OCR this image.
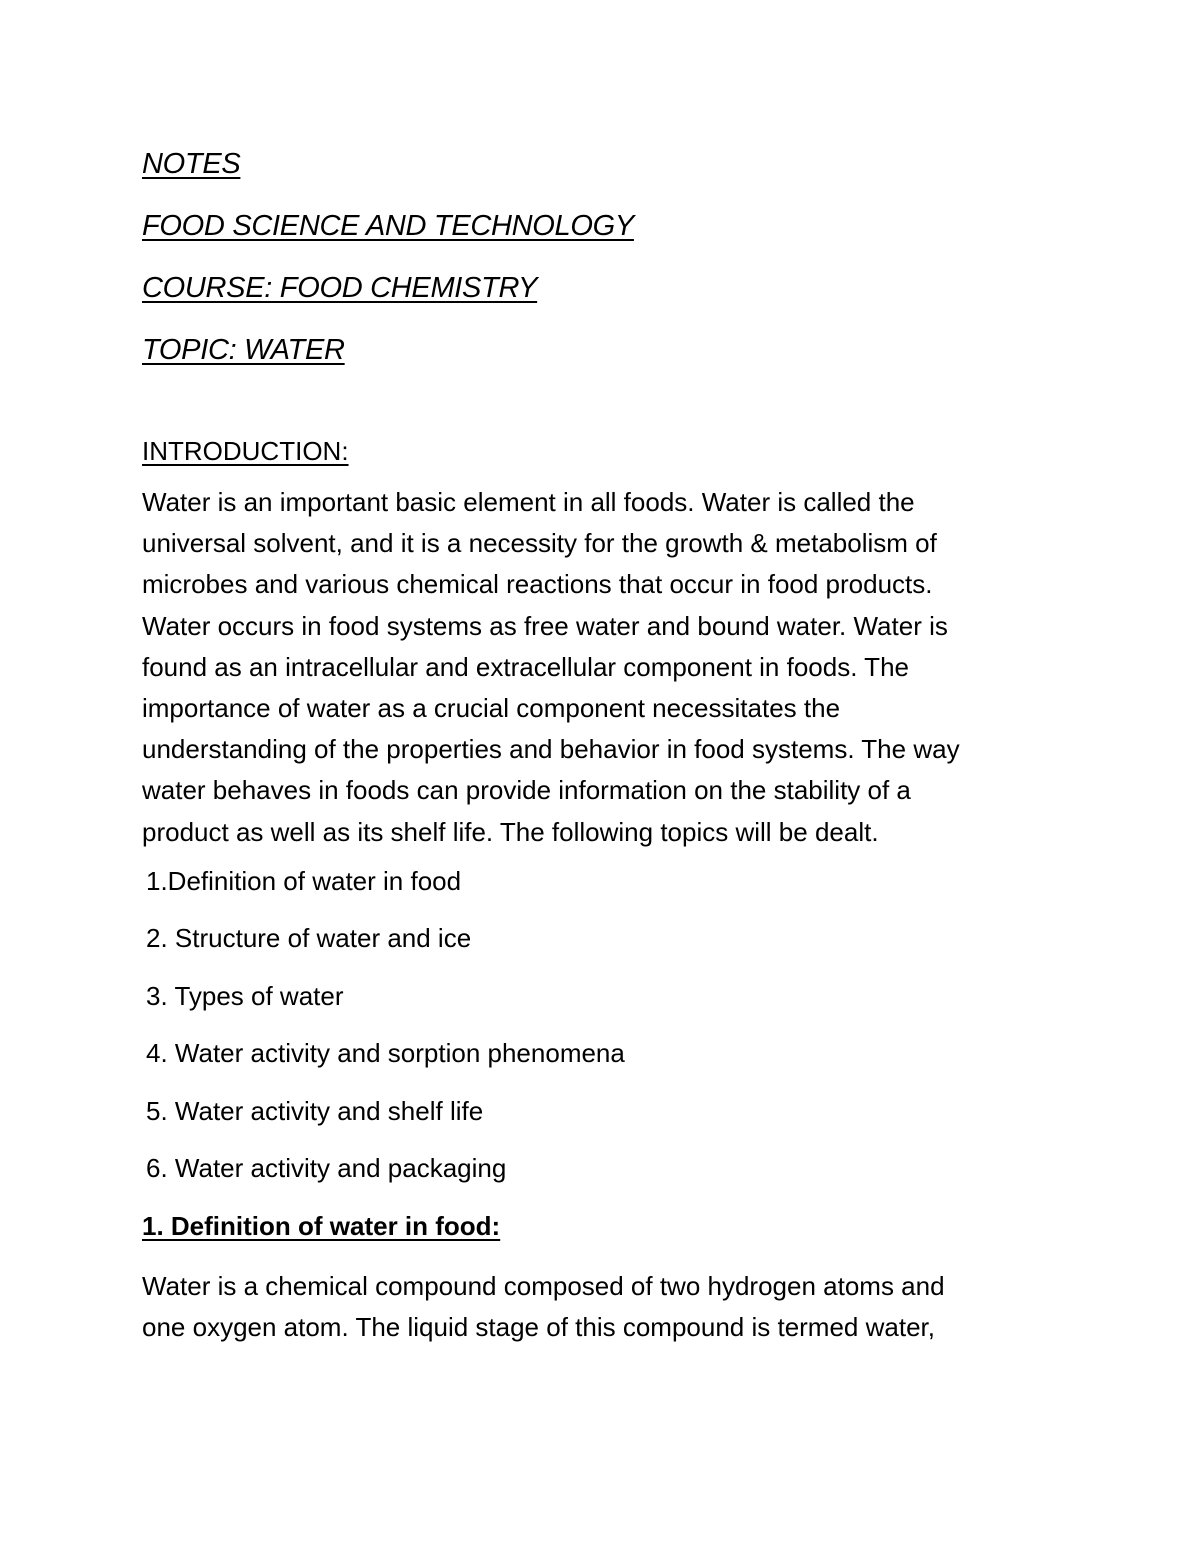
NOTES
FOOD SCIENCE AND TECHNOLOGY
COURSE: FOOD CHEMISTRY
TOPIC: WATER
INTRODUCTION:

Water is an important basic element in all foods. Water is called the
universal solvent, and it is a necessity for the growth & metabolism of
microbes and various chemical reactions that occur in food products.
Water occurs in food systems as free water and bound water. Water is
found as an intracellular and extracellular component in foods. The
importance of water as a crucial component necessitates the
understanding of the properties and behavior in food systems. The way
water behaves in foods can provide information on the stability of a
product as well as its shelf life. The following topics will be dealt.

1.Definition of water in food
2. Structure of water and ice
3. Types of water
4. Water activity and sorption phenomena
5. Water activity and shelf life
6. Water activity and packaging
1. Definition of water in food:

Water is a chemical compound composed of two hydrogen atoms and
one oxygen atom. The liquid stage of this compound is termed water,
